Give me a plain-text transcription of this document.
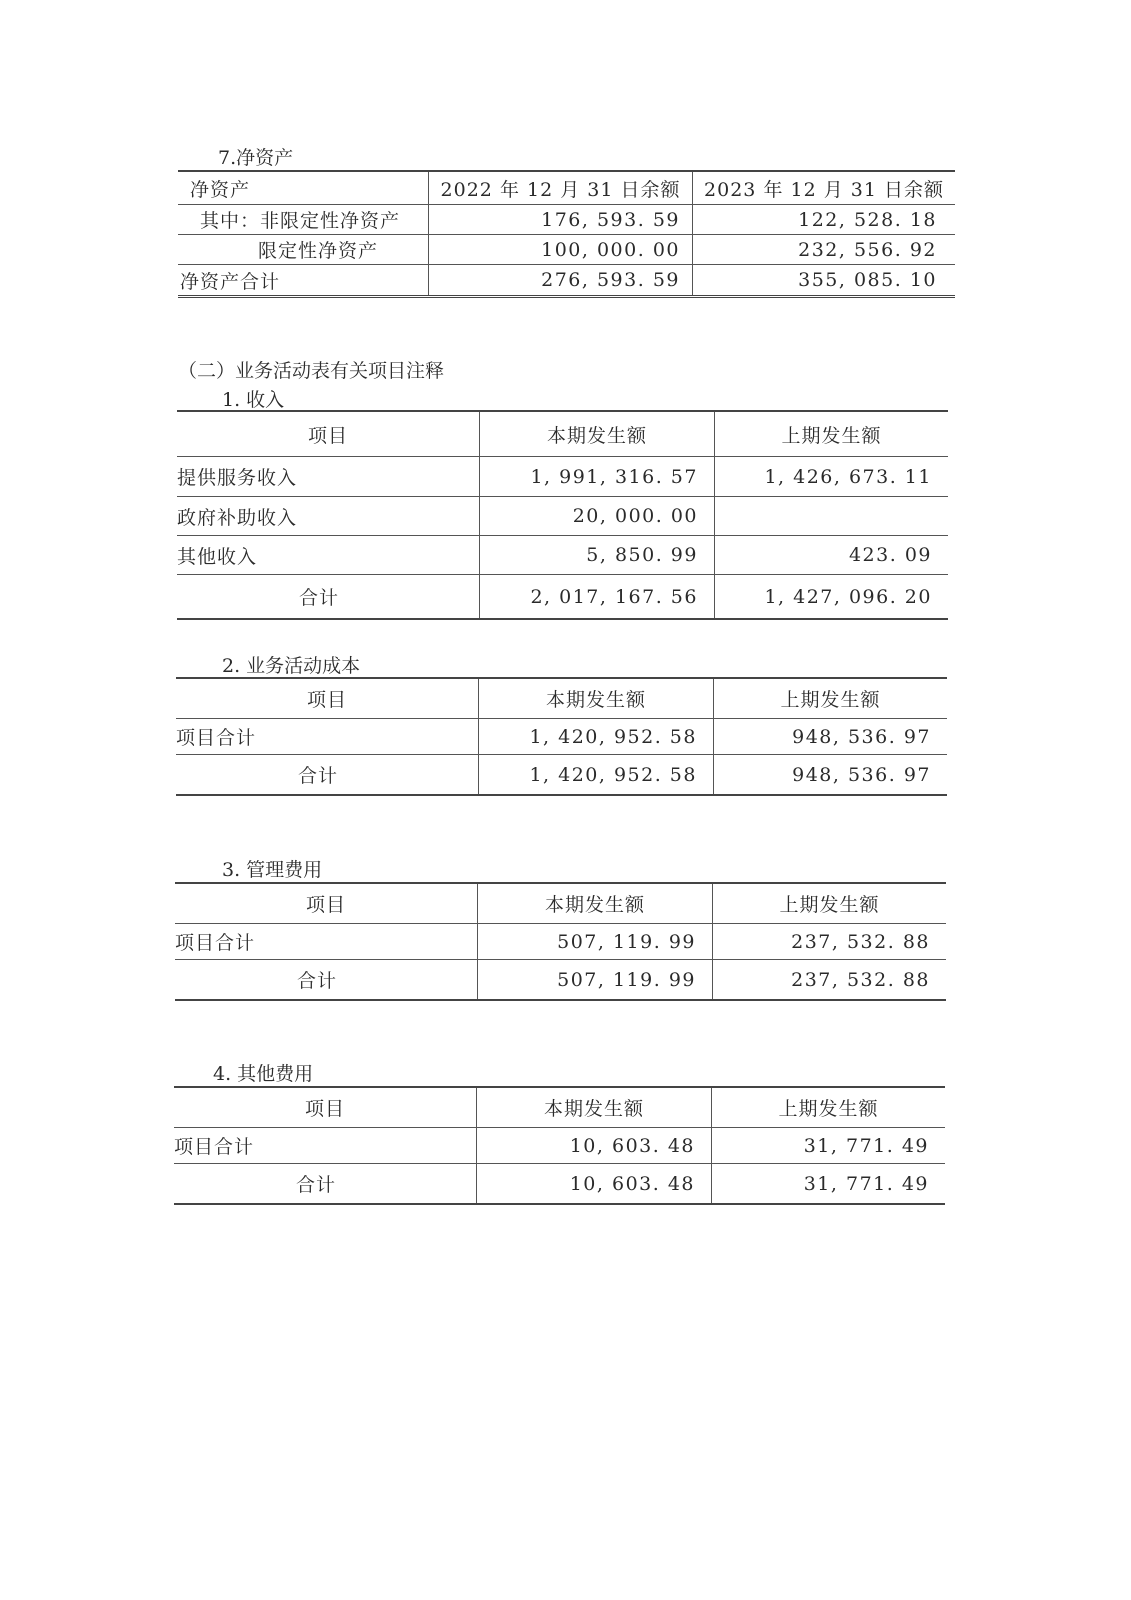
7.净资产
净资产	2022 年 12 月 31 日余额	2023 年 12 月 31 日余额
其中：非限定性净资产	176, 593. 59	122, 528. 18
限定性净资产	100, 000. 00	232, 556. 92
净资产合计	276, 593. 59	355, 085. 10
（二）业务活动表有关项目注释
1. 收入
项目	本期发生额	上期发生额
提供服务收入	1, 991, 316. 57	1, 426, 673. 11
政府补助收入	20, 000. 00
其他收入	5, 850. 99	423. 09
合计	2, 017, 167. 56	1, 427, 096. 20
2. 业务活动成本
项目	本期发生额	上期发生额
项目合计	1, 420, 952. 58	948, 536. 97
合计	1, 420, 952. 58	948, 536. 97
3. 管理费用
项目	本期发生额	上期发生额
项目合计	507, 119. 99	237, 532. 88
合计	507, 119. 99	237, 532. 88
4. 其他费用
项目	本期发生额	上期发生额
项目合计	10, 603. 48	31, 771. 49
合计	10, 603. 48	31, 771. 49
